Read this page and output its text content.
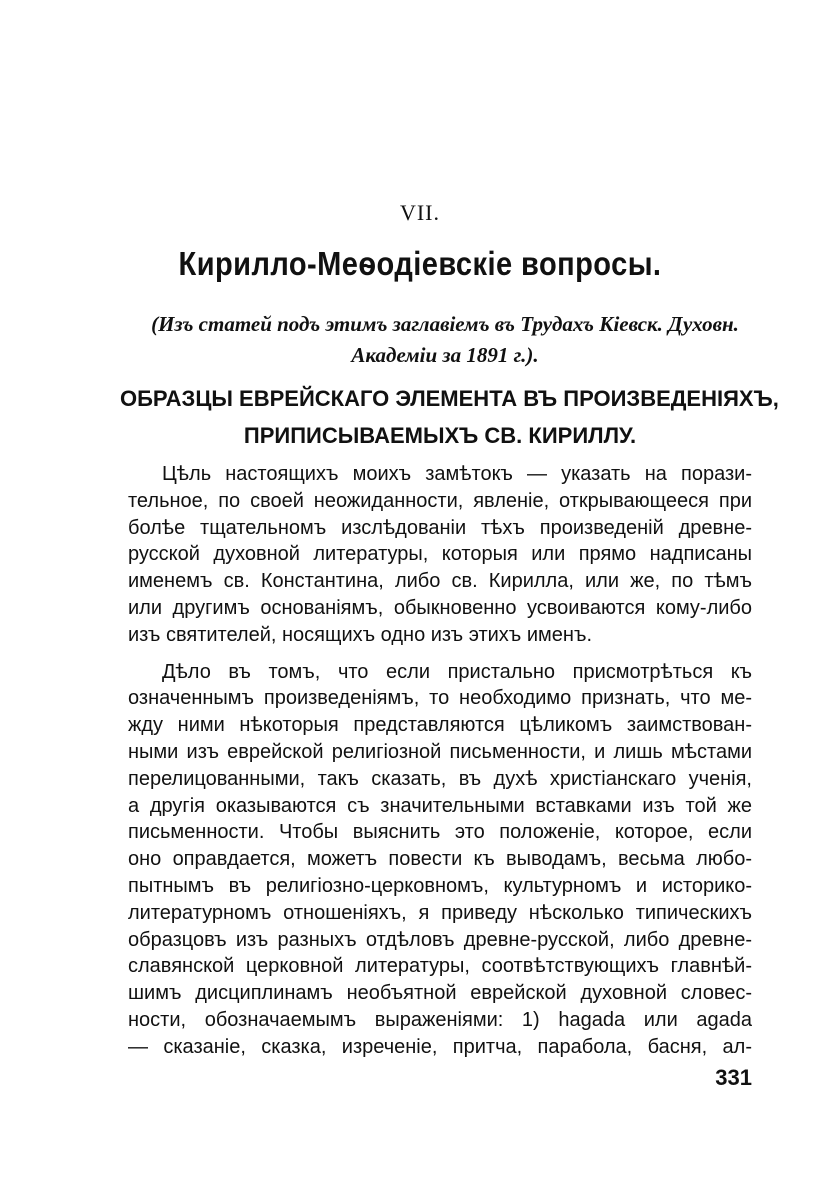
VII.
Кирилло-Меѳодіевскіе вопросы.
(Изъ статей подъ этимъ заглавіемъ въ Трудахъ Кіевск. Духовн.
Академіи за 1891 г.).
ОБРАЗЦЫ ЕВРЕЙСКАГО ЭЛЕМЕНТА ВЪ ПРОИЗВЕДЕНІЯХЪ,
ПРИПИСЫВАЕМЫХЪ СВ. КИРИЛЛУ.
Цѣль настоящихъ моихъ замѣтокъ — указать на порази-
тельное, по своей неожиданности, явленіе, открывающееся при
болѣе тщательномъ изслѣдованіи тѣхъ произведеній древне-
русской духовной литературы, которыя или прямо надписаны
именемъ св. Константина, либо св. Кирилла, или же, по тѣмъ
или другимъ основаніямъ, обыкновенно усвоиваются кому-либо
изъ святителей, носящихъ одно изъ этихъ именъ.
Дѣло въ томъ, что если пристально присмотрѣться къ
означеннымъ произведеніямъ, то необходимо признать, что ме-
жду ними нѣкоторыя представляются цѣликомъ заимствован-
ными изъ еврейской религіозной письменности, и лишь мѣстами
перелицованными, такъ сказать, въ духѣ христіанскаго ученія,
а другія оказываются съ значительными вставками изъ той же
письменности. Чтобы выяснить это положеніе, которое, если
оно оправдается, можетъ повести къ выводамъ, весьма любо-
пытнымъ въ религіозно-церковномъ, культурномъ и историко-
литературномъ отношеніяхъ, я приведу нѣсколько типическихъ
образцовъ изъ разныхъ отдѣловъ древне-русской, либо древне-
славянской церковной литературы, соотвѣтствующихъ главнѣй-
шимъ дисциплинамъ необъятной еврейской духовной словес-
ности, обозначаемымъ выраженіями: 1) hagada или agada
— сказаніе, сказка, изреченіе, притча, парабола, басня, ал-
331
